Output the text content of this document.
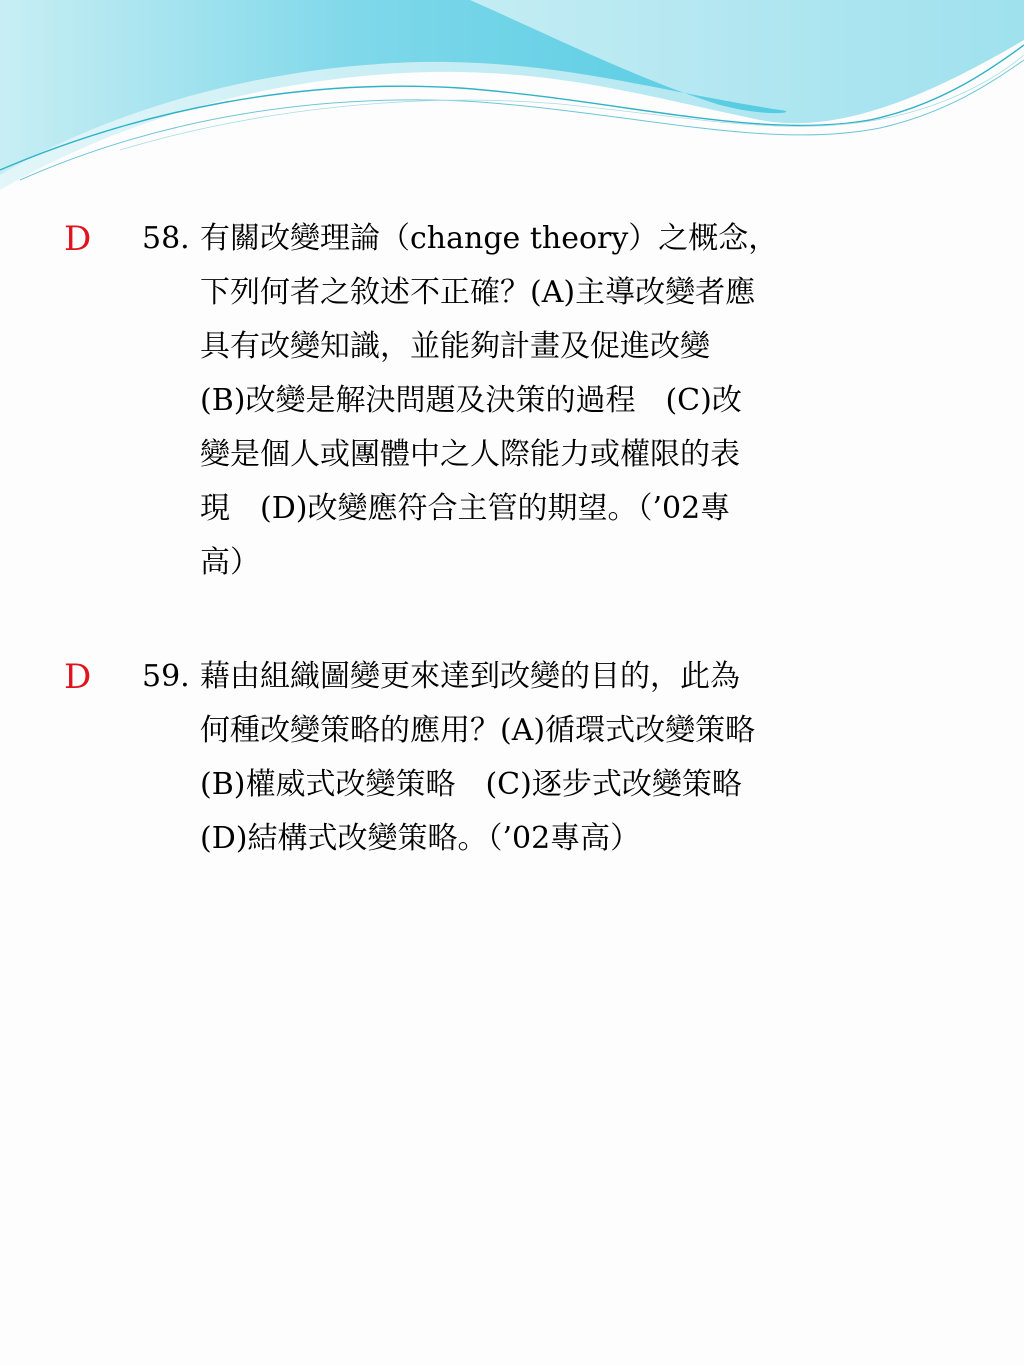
D 58. 有關改變理論（change theory）之概念，
下列何者之敘述不正確？(A)主導改變者應
具有改變知識，並能夠計畫及促進改變
(B)改變是解決問題及決策的過程　(C)改
變是個人或團體中之人際能力或權限的表
現　(D)改變應符合主管的期望。（’02專
高）
D 59. 藉由組織圖變更來達到改變的目的，此為
何種改變策略的應用？(A)循環式改變策略
(B)權威式改變策略　(C)逐步式改變策略
(D)結構式改變策略。（’02專高）
